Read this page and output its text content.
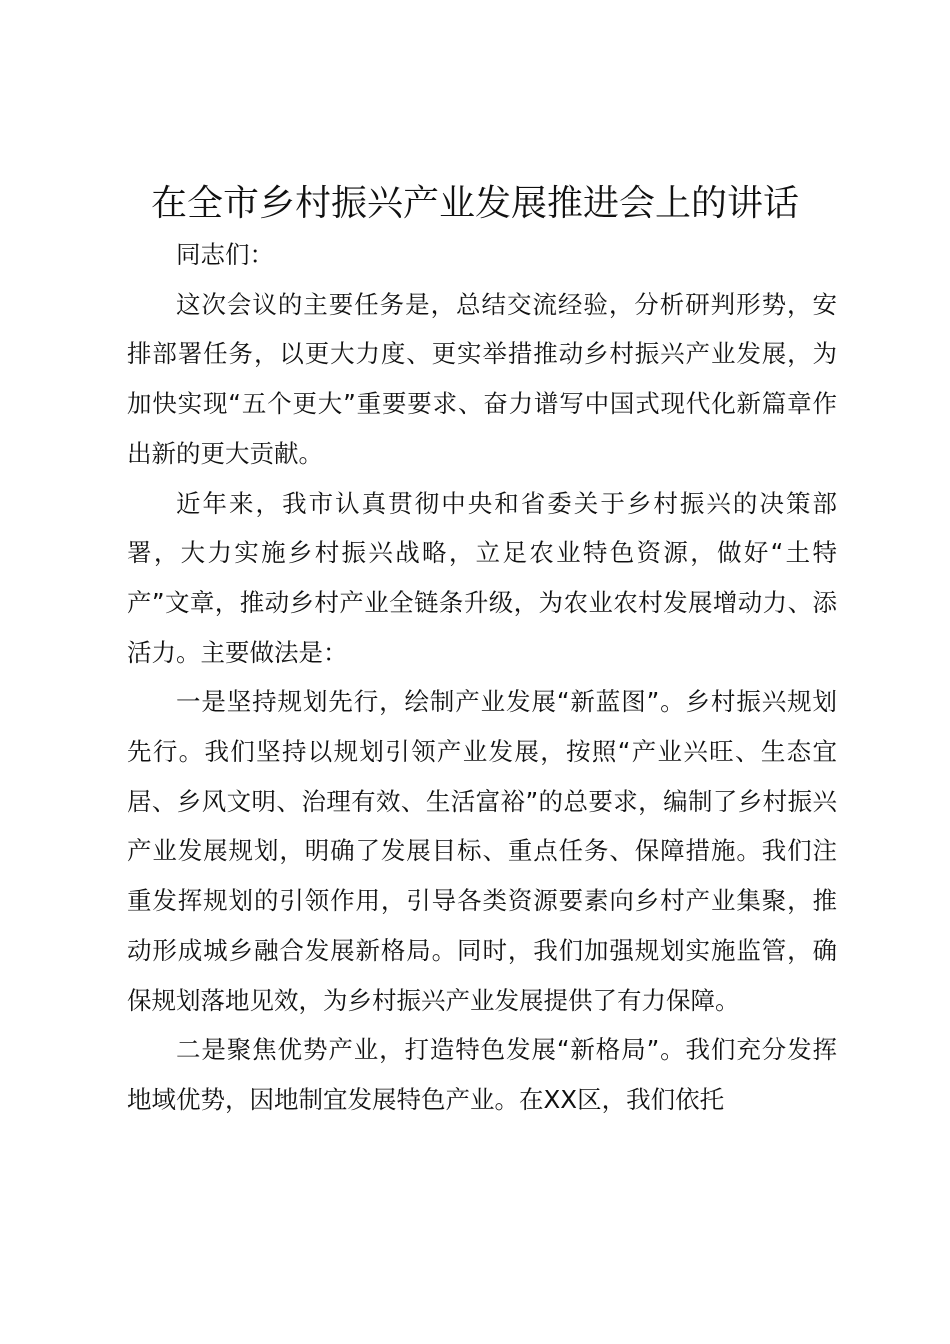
在全市乡村振兴产业发展推进会上的讲话

同志们：

这次会议的主要任务是，总结交流经验，分析研判形势，安排部署任务，以更大力度、更实举措推动乡村振兴产业发展，为加快实现“五个更大”重要要求、奋力谱写中国式现代化新篇章作出新的更大贡献。

近年来，我市认真贯彻中央和省委关于乡村振兴的决策部署，大力实施乡村振兴战略，立足农业特色资源，做好“土特产”文章，推动乡村产业全链条升级，为农业农村发展增动力、添活力。主要做法是：

一是坚持规划先行，绘制产业发展“新蓝图”。乡村振兴规划先行。我们坚持以规划引领产业发展，按照“产业兴旺、生态宜居、乡风文明、治理有效、生活富裕”的总要求，编制了乡村振兴产业发展规划，明确了发展目标、重点任务、保障措施。我们注重发挥规划的引领作用，引导各类资源要素向乡村产业集聚，推动形成城乡融合发展新格局。同时，我们加强规划实施监管，确保规划落地见效，为乡村振兴产业发展提供了有力保障。

二是聚焦优势产业，打造特色发展“新格局”。我们充分发挥地域优势，因地制宜发展特色产业。在XX区，我们依托
